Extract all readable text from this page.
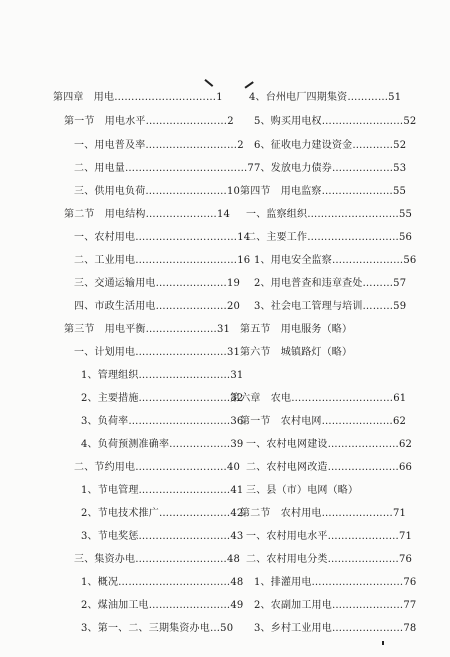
第四章　用电…………………………1
第一节　用电水平……………………2
一、用电普及率………………………2
二、用电量………………………………7
三、供用电负荷……………………10
第二节　用电结构…………………14
一、农村用电…………………………14
二、工业用电…………………………16
三、交通运输用电…………………19
四、市政生活用电…………………20
第三节　用电平衡…………………31
一、计划用电………………………31
1、管理组织………………………31
2、主要措施………………………32
3、负荷率…………………………36
4、负荷预测准确率………………39
二、节约用电………………………40
1、节电管理………………………41
2、节电技术推广…………………42
3、节电奖惩………………………43
三、集资办电………………………48
1、概况……………………………48
2、煤油加工电……………………49
3、第一、二、三期集资办电…50
4、台州电厂四期集资…………51
5、购买用电权……………………52
6、征收电力建设资金…………52
7、发放电力债券………………53
第四节　用电监察…………………55
一、监察组织………………………55
二、主要工作………………………56
1、用电安全监察…………………56
2、用电普查和违章查处………57
3、社会电工管理与培训………59
第五节　用电服务（略）
第六节　城镇路灯（略）
第六章　农电…………………………61
第一节　农村电网…………………62
一、农村电网建设…………………62
二、农村电网改造…………………66
三、县（市）电网（略）
第二节　农村用电…………………71
一、农村用电水平…………………71
二、农村用电分类…………………76
1、排灌用电………………………76
2、农副加工用电…………………77
3、乡村工业用电…………………78
